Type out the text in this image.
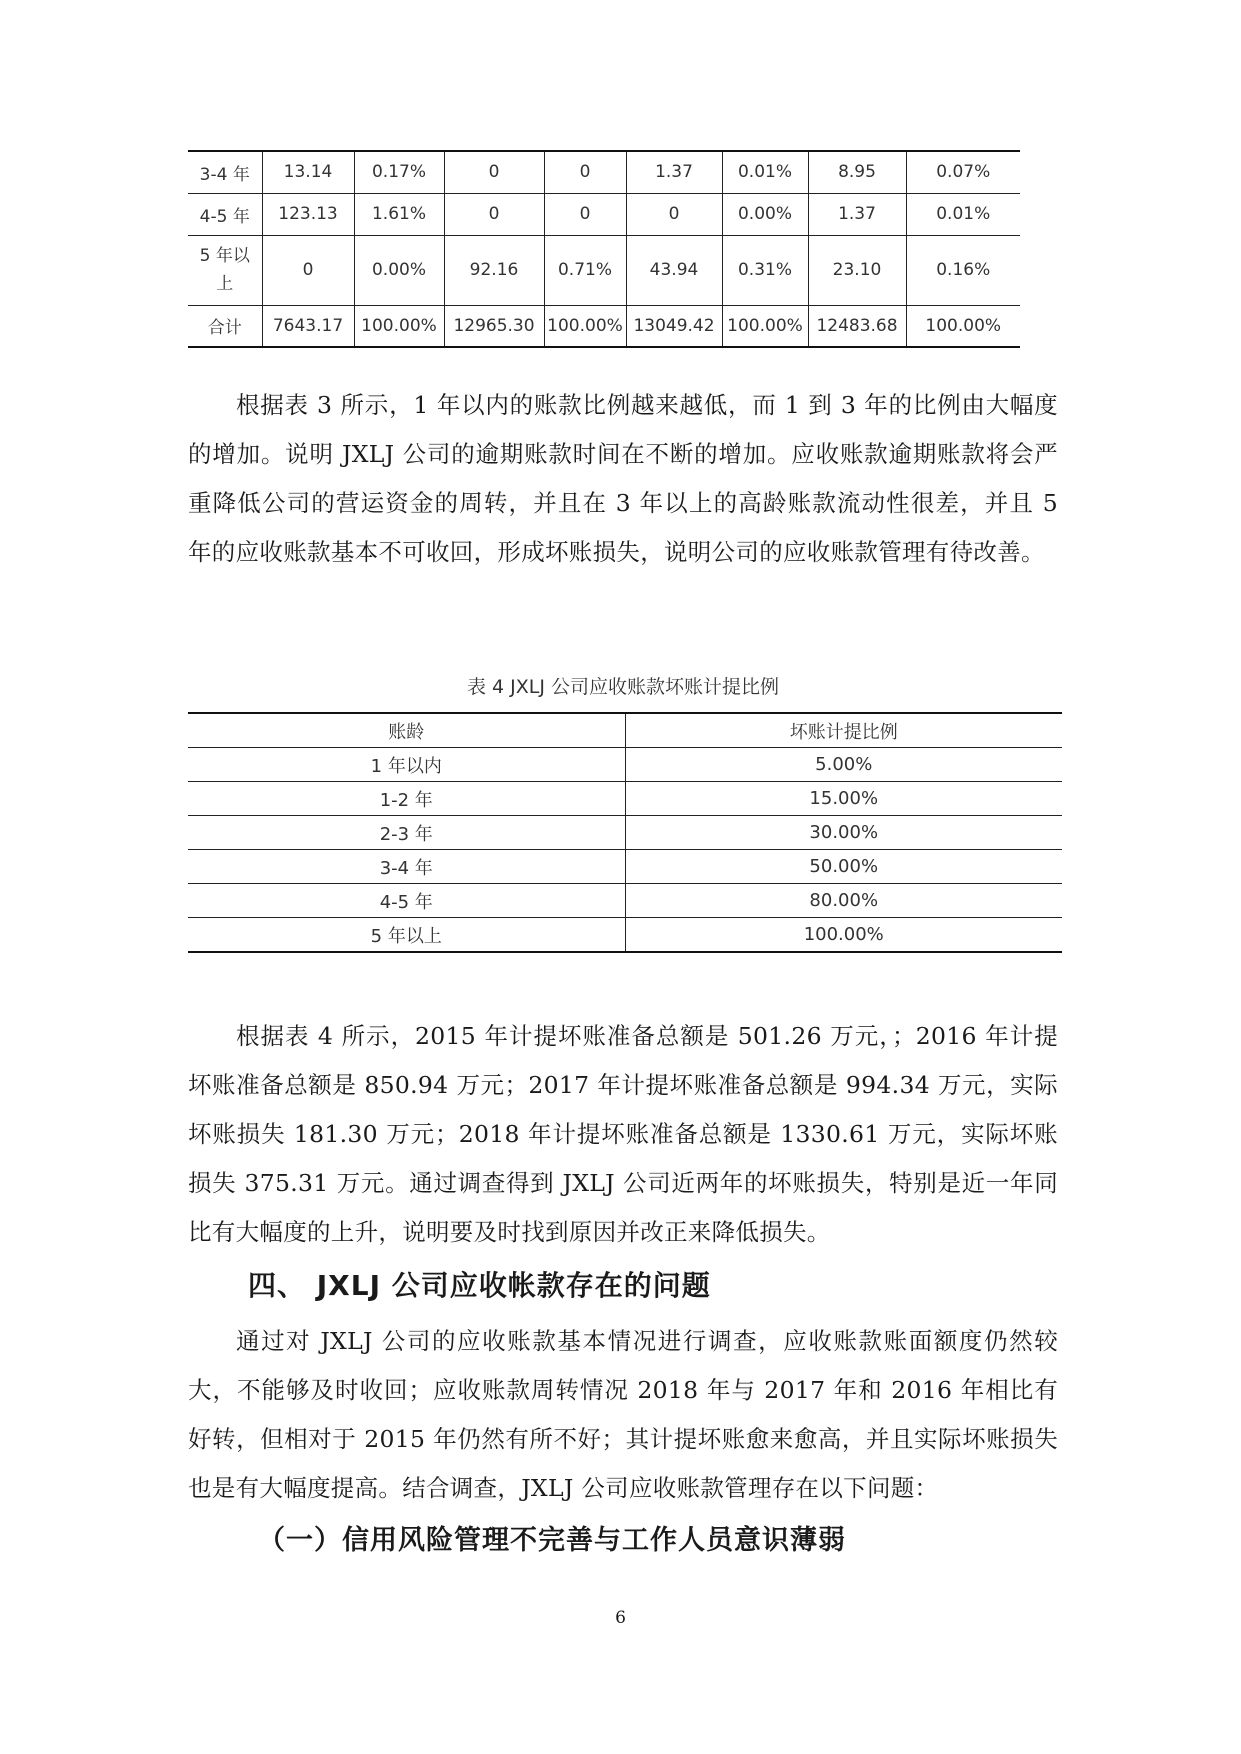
3-4 年	13.14	0.17%	0	0	1.37	0.01%	8.95	0.07%
4-5 年	123.13	1.61%	0	0	0	0.00%	1.37	0.01%
5 年以
上	0	0.00%	92.16	0.71%	43.94	0.31%	23.10	0.16%
合计	7643.17	100.00%	12965.30	100.00%	13049.42	100.00%	12483.68	100.00%

根据表 3 所示，1 年以内的账款比例越来越低，而 1 到 3 年的比例由大幅度的增加。说明 JXLJ 公司的逾期账款时间在不断的增加。应收账款逾期账款将会严重降低公司的营运资金的周转，并且在 3 年以上的高龄账款流动性很差，并且 5 年的应收账款基本不可收回，形成坏账损失，说明公司的应收账款管理有待改善。

表 4 JXLJ 公司应收账款坏账计提比例
账龄	坏账计提比例
1 年以内	5.00%
1-2 年	15.00%
2-3 年	30.00%
3-4 年	50.00%
4-5 年	80.00%
5 年以上	100.00%

根据表 4 所示，2015 年计提坏账准备总额是 501.26 万元，；2016 年计提坏账准备总额是 850.94 万元；2017 年计提坏账准备总额是 994.34 万元，实际坏账损失 181.30 万元；2018 年计提坏账准备总额是 1330.61 万元，实际坏账损失 375.31 万元。通过调查得到 JXLJ 公司近两年的坏账损失，特别是近一年同比有大幅度的上升，说明要及时找到原因并改正来降低损失。

四、 JXLJ 公司应收帐款存在的问题

通过对 JXLJ 公司的应收账款基本情况进行调查，应收账款账面额度仍然较大，不能够及时收回；应收账款周转情况 2018 年与 2017 年和 2016 年相比有好转，但相对于 2015 年仍然有所不好；其计提坏账愈来愈高，并且实际坏账损失也是有大幅度提高。结合调查，JXLJ 公司应收账款管理存在以下问题：

（一）信用风险管理不完善与工作人员意识薄弱
6
